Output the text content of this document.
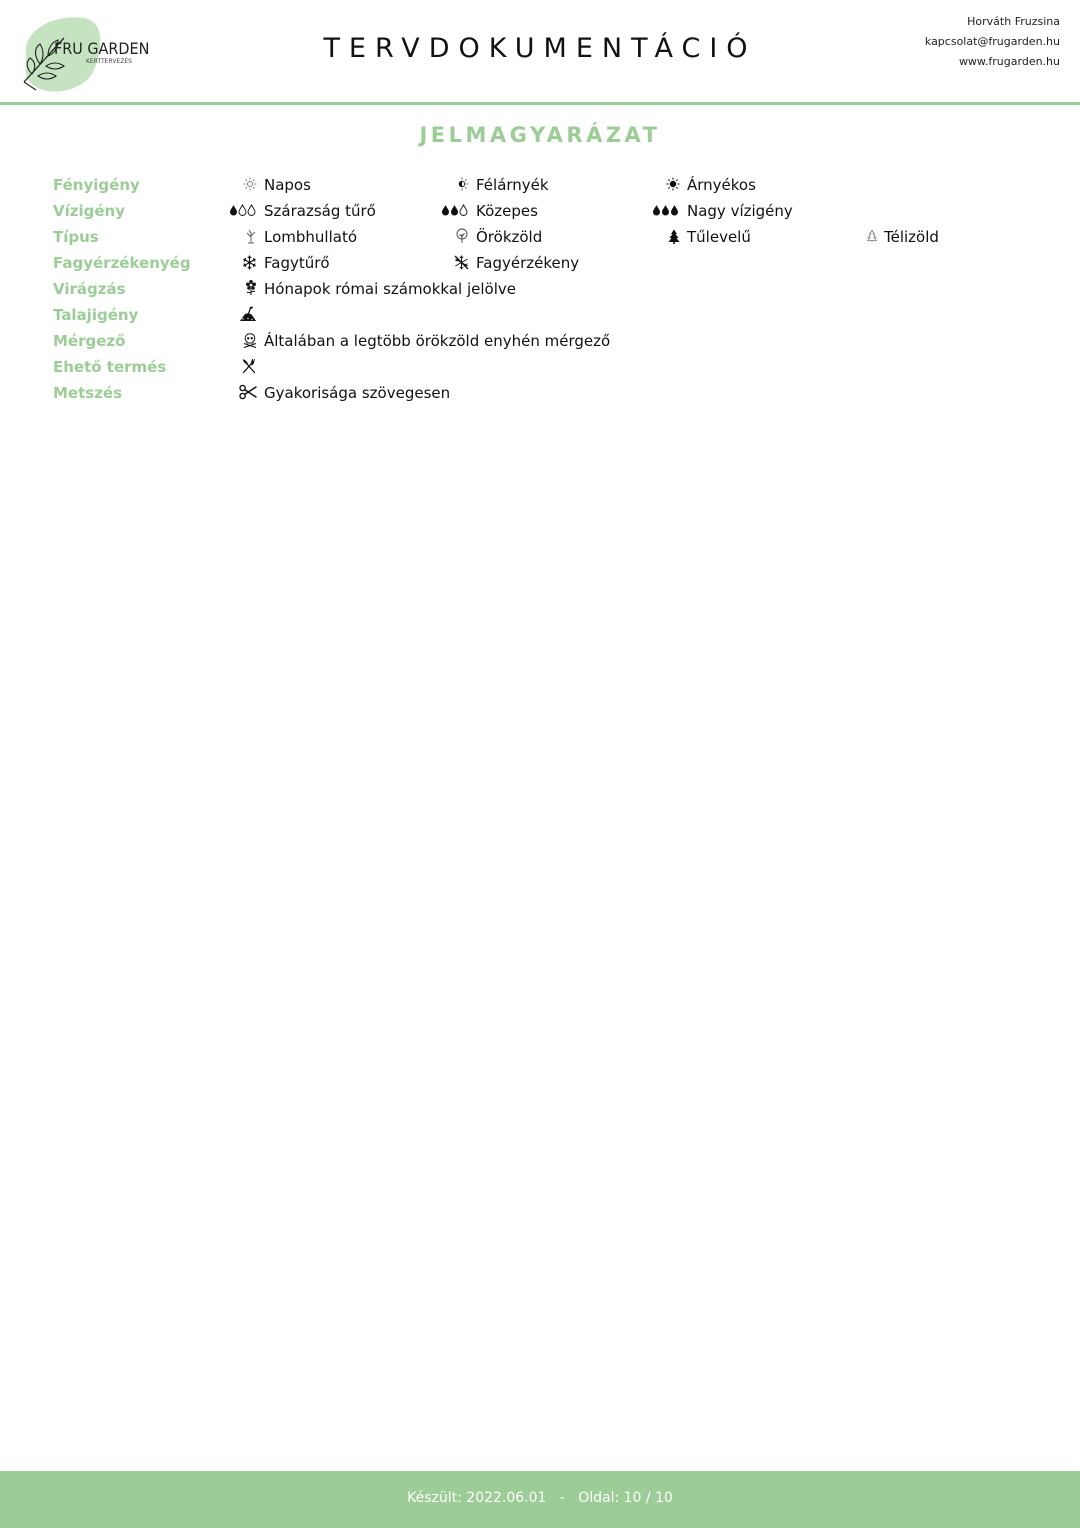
FRU GARDEN
KERTTERVEZÉS	TERVDOKUMENTÁCIÓ
Horváth Fruzsina
kapcsolat@frugarden.hu
www.frugarden.hu
JELMAGYARÁZAT
Fényigény	Napos	Félárnyék	Árnyékos
Vízigény	Szárazság tűrő	Közepes	Nagy vízigény
Típus	Lombhullató	Örökzöld	Tűlevelű	Télizöld
Fagyérzékenyég	Fagytűrő	Fagyérzékeny
Virágzás	Hónapok római számokkal jelölve
Talajigény
Mérgező	Általában a legtöbb örökzöld enyhén mérgező
Ehető termés
Metszés	Gyakorisága szövegesen
Készült: 2022.06.01   -   Oldal: 10 / 10
